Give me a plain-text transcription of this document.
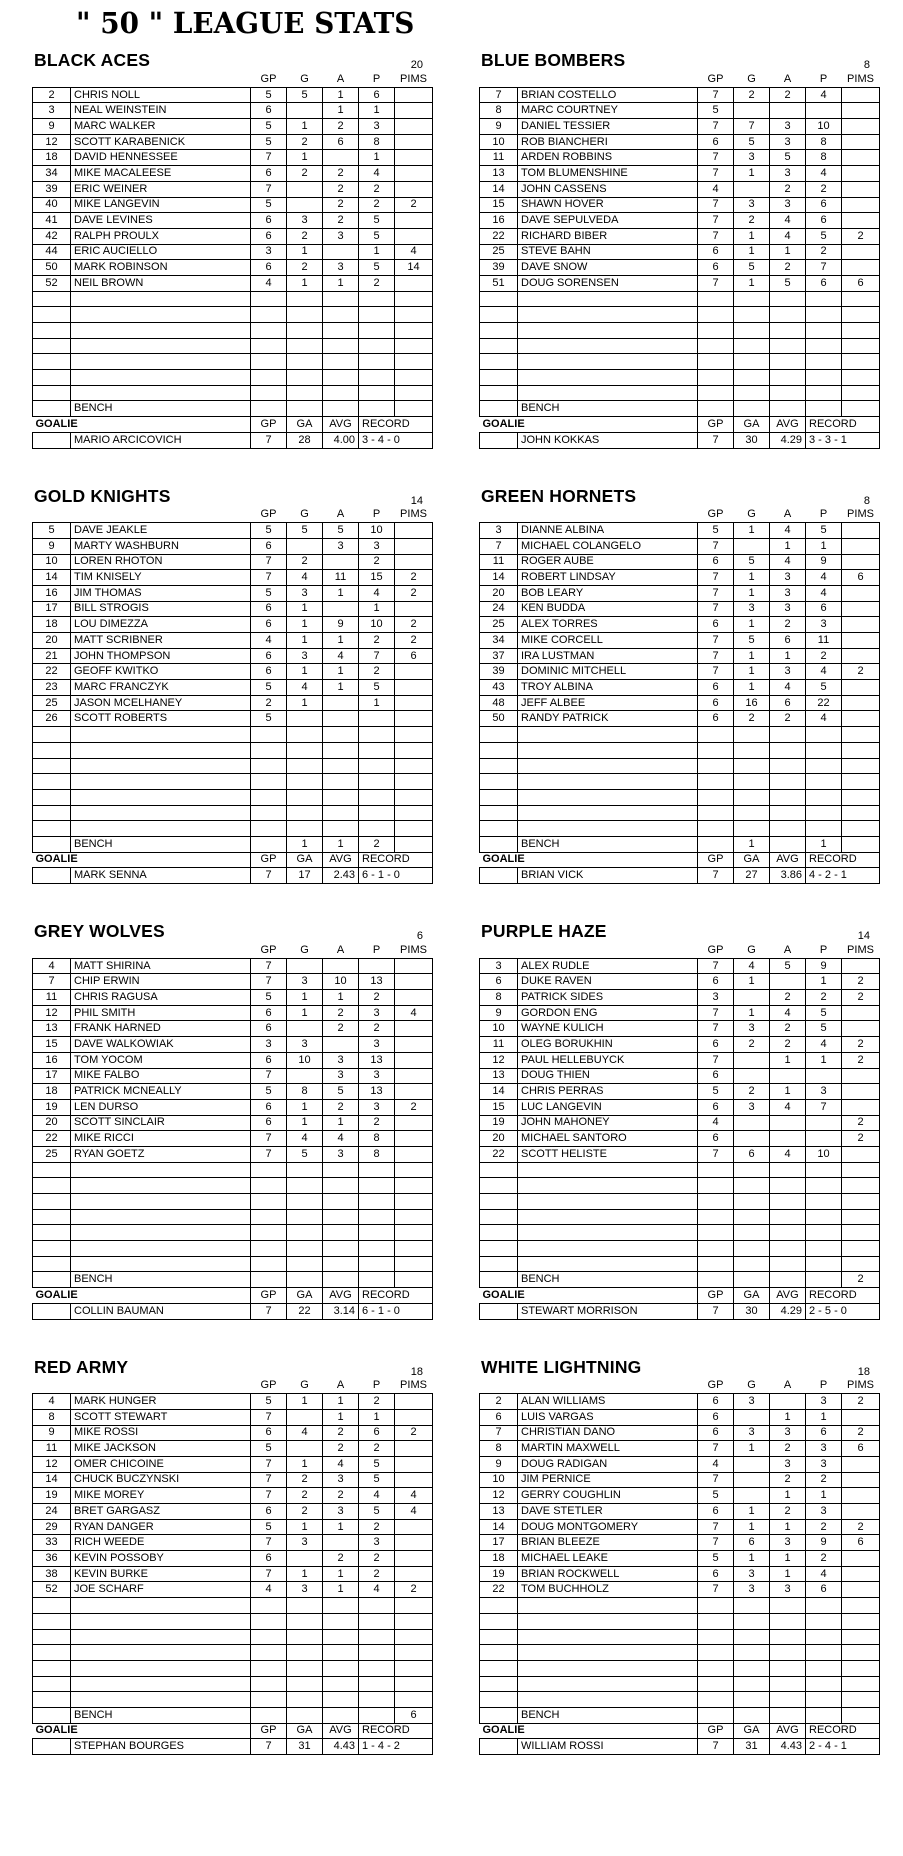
" 50 " LEAGUE STATS
BLACK ACES	20
		GP	G	A	P	PIMS
2	CHRIS NOLL	5	5	1	6	
3	NEAL WEINSTEIN	6		1	1	
9	MARC WALKER	5	1	2	3	
12	SCOTT KARABENICK	5	2	6	8	
18	DAVID HENNESSEE	7	1		1	
34	MIKE MACALEESE	6	2	2	4	
39	ERIC WEINER	7		2	2	
40	MIKE LANGEVIN	5		2	2	2
41	DAVE LEVINES	6	3	2	5	
42	RALPH PROULX	6	2	3	5	
44	ERIC AUCIELLO	3	1		1	4
50	MARK ROBINSON	6	2	3	5	14
52	NEIL BROWN	4	1	1	2	

	BENCH					
GOALIE		GP	GA	AVG	RECORD	
	MARIO ARCICOVICH	7	28	4.00	3 - 4 - 0	
GOLD KNIGHTS	14
		GP	G	A	P	PIMS
5	DAVE JEAKLE	5	5	5	10	
9	MARTY WASHBURN	6		3	3	
10	LOREN RHOTON	7	2		2	
14	TIM KNISELY	7	4	11	15	2
16	JIM THOMAS	5	3	1	4	2
17	BILL STROGIS	6	1		1	
18	LOU DIMEZZA	6	1	9	10	2
20	MATT SCRIBNER	4	1	1	2	2
21	JOHN THOMPSON	6	3	4	7	6
22	GEOFF KWITKO	6	1	1	2	
23	MARC FRANCZYK	5	4	1	5	
25	JASON MCELHANEY	2	1		1	
26	SCOTT ROBERTS	5				

	BENCH		1	1	2	
GOALIE		GP	GA	AVG	RECORD	
	MARK SENNA	7	17	2.43	6 - 1 - 0	
GREY WOLVES	6
		GP	G	A	P	PIMS
4	MATT SHIRINA	7				
7	CHIP ERWIN	7	3	10	13	
11	CHRIS RAGUSA	5	1	1	2	
12	PHIL SMITH	6	1	2	3	4
13	FRANK HARNED	6		2	2	
15	DAVE WALKOWIAK	3	3		3	
16	TOM YOCOM	6	10	3	13	
17	MIKE FALBO	7		3	3	
18	PATRICK MCNEALLY	5	8	5	13	
19	LEN DURSO	6	1	2	3	2
20	SCOTT SINCLAIR	6	1	1	2	
22	MIKE RICCI	7	4	4	8	
25	RYAN GOETZ	7	5	3	8	

	BENCH					
GOALIE		GP	GA	AVG	RECORD	
	COLLIN BAUMAN	7	22	3.14	6 - 1 - 0	
RED ARMY	18
		GP	G	A	P	PIMS
4	MARK HUNGER	5	1	1	2	
8	SCOTT STEWART	7		1	1	
9	MIKE ROSSI	6	4	2	6	2
11	MIKE JACKSON	5		2	2	
12	OMER CHICOINE	7	1	4	5	
14	CHUCK BUCZYNSKI	7	2	3	5	
19	MIKE MOREY	7	2	2	4	4
24	BRET GARGASZ	6	2	3	5	4
29	RYAN DANGER	5	1	1	2	
33	RICH WEEDE	7	3		3	
36	KEVIN POSSOBY	6		2	2	
38	KEVIN BURKE	7	1	1	2	
52	JOE SCHARF	4	3	1	4	2

	BENCH					6
GOALIE		GP	GA	AVG	RECORD	
	STEPHAN BOURGES	7	31	4.43	1 - 4 - 2	
BLUE BOMBERS	8
		GP	G	A	P	PIMS
7	BRIAN COSTELLO	7	2	2	4	
8	MARC COURTNEY	5				
9	DANIEL TESSIER	7	7	3	10	
10	ROB BIANCHERI	6	5	3	8	
11	ARDEN ROBBINS	7	3	5	8	
13	TOM BLUMENSHINE	7	1	3	4	
14	JOHN CASSENS	4		2	2	
15	SHAWN HOVER	7	3	3	6	
16	DAVE SEPULVEDA	7	2	4	6	
22	RICHARD BIBER	7	1	4	5	2
25	STEVE BAHN	6	1	1	2	
39	DAVE SNOW	6	5	2	7	
51	DOUG SORENSEN	7	1	5	6	6

	BENCH					
GOALIE		GP	GA	AVG	RECORD	
	JOHN KOKKAS	7	30	4.29	3 - 3 - 1	
GREEN HORNETS	8
		GP	G	A	P	PIMS
3	DIANNE ALBINA	5	1	4	5	
7	MICHAEL COLANGELO	7		1	1	
11	ROGER AUBE	6	5	4	9	
14	ROBERT LINDSAY	7	1	3	4	6
20	BOB LEARY	7	1	3	4	
24	KEN BUDDA	7	3	3	6	
25	ALEX TORRES	6	1	2	3	
34	MIKE CORCELL	7	5	6	11	
37	IRA LUSTMAN	7	1	1	2	
39	DOMINIC MITCHELL	7	1	3	4	2
43	TROY ALBINA	6	1	4	5	
48	JEFF ALBEE	6	16	6	22	
50	RANDY PATRICK	6	2	2	4	

	BENCH		1		1	
GOALIE		GP	GA	AVG	RECORD	
	BRIAN VICK	7	27	3.86	4 - 2 - 1	
PURPLE HAZE	14
		GP	G	A	P	PIMS
3	ALEX RUDLE	7	4	5	9	
6	DUKE RAVEN	6	1		1	2
8	PATRICK SIDES	3		2	2	2
9	GORDON ENG	7	1	4	5	
10	WAYNE KULICH	7	3	2	5	
11	OLEG BORUKHIN	6	2	2	4	2
12	PAUL HELLEBUYCK	7		1	1	2
13	DOUG THIEN	6				
14	CHRIS PERRAS	5	2	1	3	
15	LUC LANGEVIN	6	3	4	7	
19	JOHN MAHONEY	4				2
20	MICHAEL SANTORO	6				2
22	SCOTT HELISTE	7	6	4	10	

	BENCH					2
GOALIE		GP	GA	AVG	RECORD	
	STEWART MORRISON	7	30	4.29	2 - 5 - 0	
WHITE LIGHTNING	18
		GP	G	A	P	PIMS
2	ALAN WILLIAMS	6	3		3	2
6	LUIS VARGAS	6		1	1	
7	CHRISTIAN DANO	6	3	3	6	2
8	MARTIN MAXWELL	7	1	2	3	6
9	DOUG RADIGAN	4		3	3	
10	JIM PERNICE	7		2	2	
12	GERRY COUGHLIN	5		1	1	
13	DAVE STETLER	6	1	2	3	
14	DOUG MONTGOMERY	7	1	1	2	2
17	BRIAN BLEEZE	7	6	3	9	6
18	MICHAEL LEAKE	5	1	1	2	
19	BRIAN ROCKWELL	6	3	1	4	
22	TOM BUCHHOLZ	7	3	3	6	

	BENCH					
GOALIE		GP	GA	AVG	RECORD	
	WILLIAM ROSSI	7	31	4.43	2 - 4 - 1	
